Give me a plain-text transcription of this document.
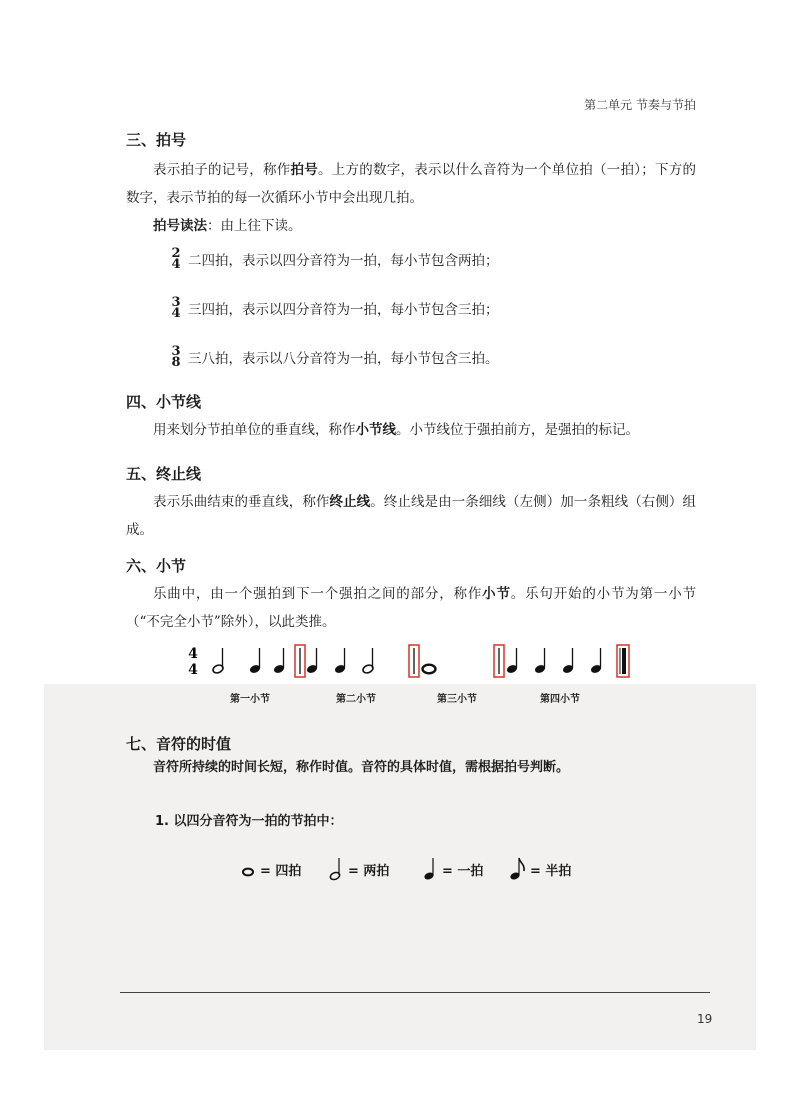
第二单元 节奏与节拍
三、拍号

表示拍子的记号，称作拍号。上方的数字，表示以什么音符为一个单位拍（一拍）；下方的数字，表示节拍的每一次循环小节中会出现几拍。

拍号读法：由上往下读。

2
4 二四拍，表示以四分音符为一拍，每小节包含两拍；
3
4 三四拍，表示以四分音符为一拍，每小节包含三拍；
3
8 三八拍，表示以八分音符为一拍，每小节包含三拍。
四、小节线

用来划分节拍单位的垂直线，称作小节线。小节线位于强拍前方，是强拍的标记。

五、终止线

表示乐曲结束的垂直线，称作终止线。终止线是由一条细线（左侧）加一条粗线（右侧）组成。

六、小节

乐曲中，由一个强拍到下一个强拍之间的部分，称作小节。乐句开始的小节为第一小节（“不完全小节”除外），以此类推。

4
4
第一小节	第二小节	第三小节	第四小节
七、音符的时值

音符所持续的时间长短，称作时值。音符的具体时值，需根据拍号判断。

1. 以四分音符为一拍的节拍中：
= 四拍	= 两拍	= 一拍	= 半拍
19
